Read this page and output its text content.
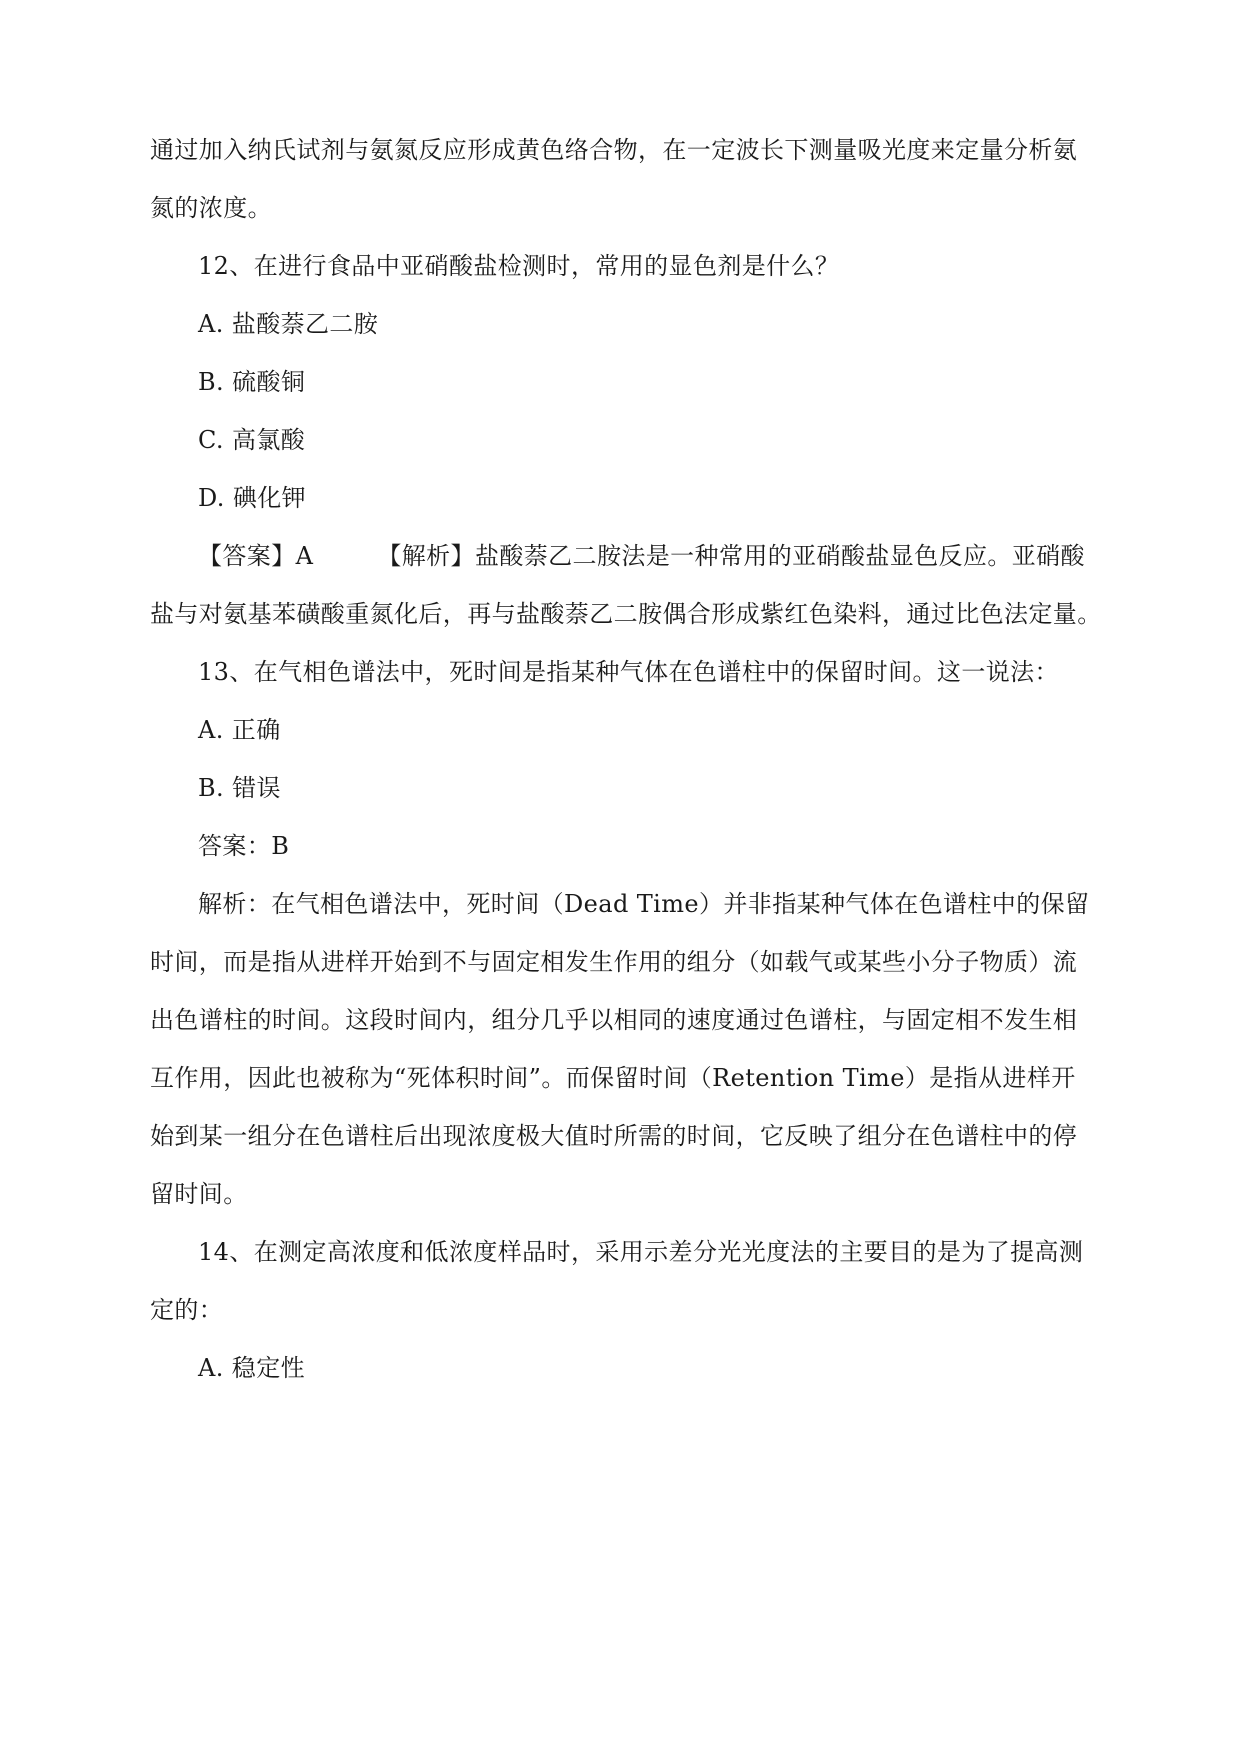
通过加入纳氏试剂与氨氮反应形成黄色络合物，在一定波长下测量吸光度来定量分析氨
氮的浓度。
12、在进行食品中亚硝酸盐检测时，常用的显色剂是什么？
A. 盐酸萘乙二胺
B. 硫酸铜
C. 高氯酸
D. 碘化钾
【答案】A	【解析】盐酸萘乙二胺法是一种常用的亚硝酸盐显色反应。亚硝酸
盐与对氨基苯磺酸重氮化后，再与盐酸萘乙二胺偶合形成紫红色染料，通过比色法定量。
13、在气相色谱法中，死时间是指某种气体在色谱柱中的保留时间。这一说法：
A. 正确
B. 错误
答案：B
解析：在气相色谱法中，死时间（Dead Time）并非指某种气体在色谱柱中的保留
时间，而是指从进样开始到不与固定相发生作用的组分（如载气或某些小分子物质）流
出色谱柱的时间。这段时间内，组分几乎以相同的速度通过色谱柱，与固定相不发生相
互作用，因此也被称为“死体积时间”。而保留时间（Retention Time）是指从进样开
始到某一组分在色谱柱后出现浓度极大值时所需的时间，它反映了组分在色谱柱中的停
留时间。
14、在测定高浓度和低浓度样品时，采用示差分光光度法的主要目的是为了提高测
定的：
A. 稳定性
